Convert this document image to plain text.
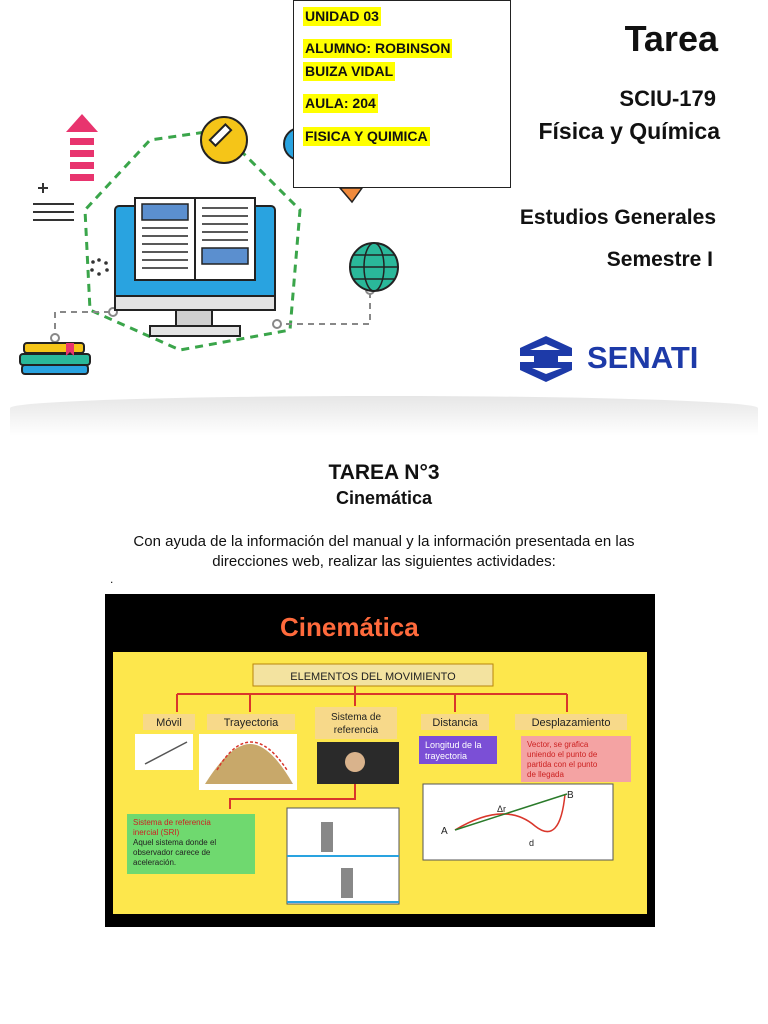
UNIDAD 03
ALUMNO: ROBINSON
BUIZA VIDAL
AULA: 204
FISICA Y QUIMICA
Tarea
SCIU-179
Física y Química
Estudios Generales
Semestre I
SENATI
TAREA N°3
Cinemática
Con ayuda de la información del manual y la información presentada en las
direcciones web, realizar las siguientes actividades:
.
Cinemática
ELEMENTOS DEL MOVIMIENTO
Móvil	Trayectoria	Sistema de
referencia
Distancia	Desplazamiento
Longitud de la
trayectoria
Vector, se grafica
uniendo el punto de
partida con el punto
de llegada
A
B
Δr
d
Sistema de referencia
inercial (SRI)
Aquel sistema donde el
observador carece de
aceleración.
